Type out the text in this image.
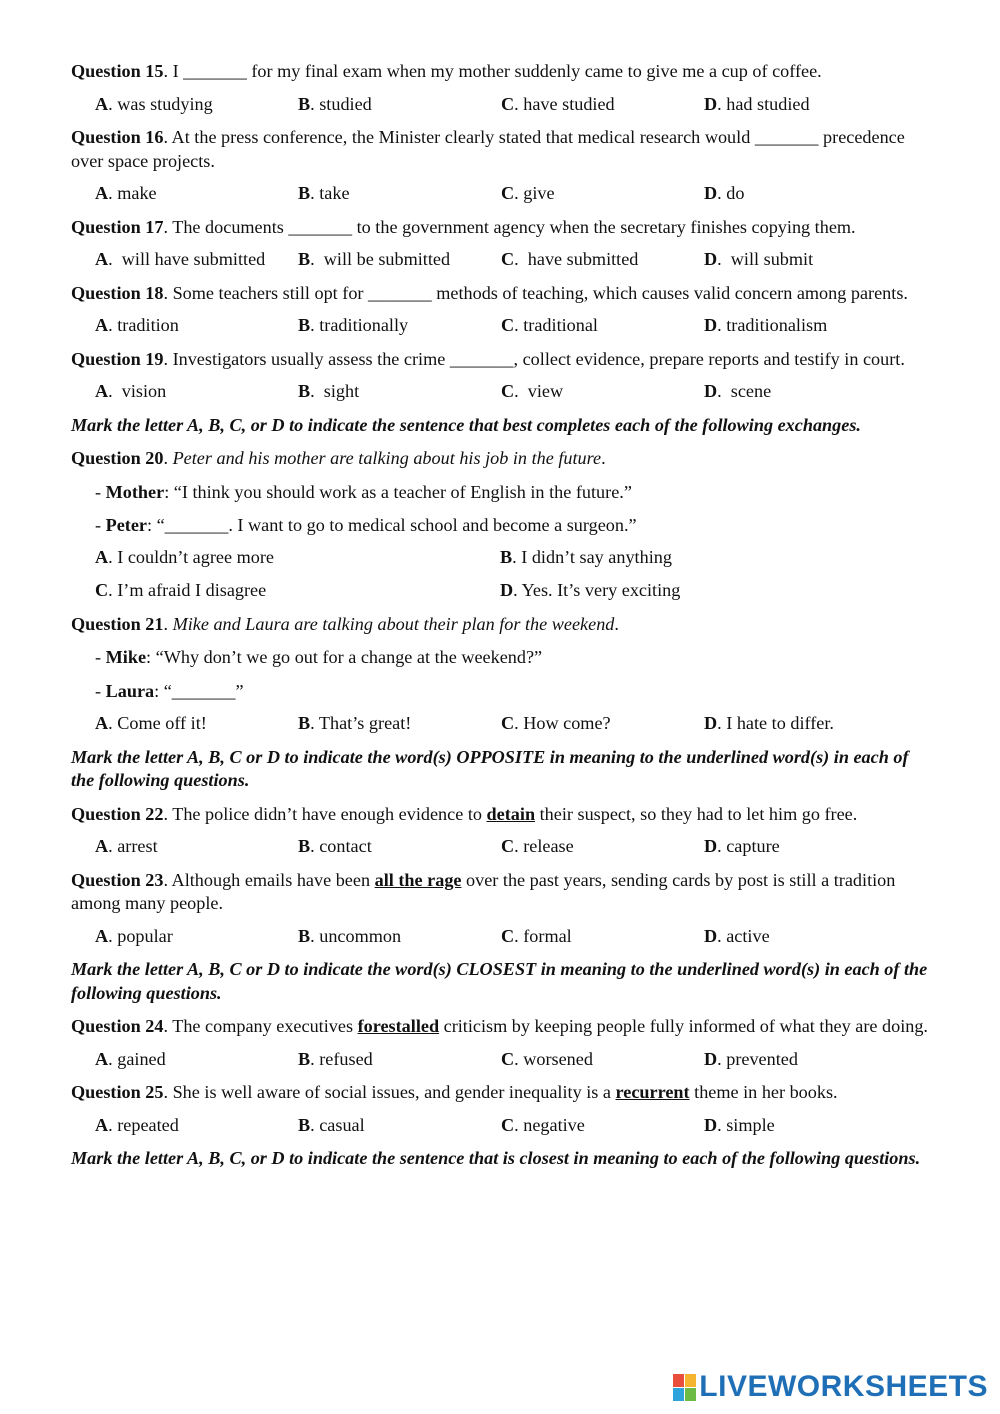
Question 15. I _______ for my final exam when my mother suddenly came to give me a cup of coffee.

A. was studying	B. studied	C. have studied	D. had studied

Question 16. At the press conference, the Minister clearly stated that medical research would _______ precedence over space projects.

A. make	B. take	C. give	D. do

Question 17. The documents _______ to the government agency when the secretary finishes copying them.

A.  will have submitted	B.  will be submitted	C.  have submitted	D.  will submit

Question 18. Some teachers still opt for _______ methods of teaching, which causes valid concern among parents.

A. tradition	B. traditionally	C. traditional	D. traditionalism

Question 19. Investigators usually assess the crime _______, collect evidence, prepare reports and testify in court.

A.  vision	B.  sight	C.  view	D.  scene

Mark the letter A, B, C, or D to indicate the sentence that best completes each of the following exchanges.

Question 20. Peter and his mother are talking about his job in the future.

- Mother: “I think you should work as a teacher of English in the future.”
- Peter: “_______. I want to go to medical school and become a surgeon.”
A. I couldn’t agree more	B. I didn’t say anything
C. I’m afraid I disagree	D. Yes. It’s very exciting

Question 21. Mike and Laura are talking about their plan for the weekend.

- Mike: “Why don’t we go out for a change at the weekend?”
- Laura: “_______”
A. Come off it!	B. That’s great!	C. How come?	D. I hate to differ.

Mark the letter A, B, C or D to indicate the word(s) OPPOSITE in meaning to the underlined word(s) in each of the following questions.

Question 22. The police didn’t have enough evidence to detain their suspect, so they had to let him go free.

A. arrest	B. contact	C. release	D. capture

Question 23. Although emails have been all the rage over the past years, sending cards by post is still a tradition among many people.

A. popular	B. uncommon	C. formal	D. active

Mark the letter A, B, C or D to indicate the word(s) CLOSEST in meaning to the underlined word(s) in each of the following questions.

Question 24. The company executives forestalled criticism by keeping people fully informed of what they are doing.

A. gained	B. refused	C. worsened	D. prevented

Question 25. She is well aware of social issues, and gender inequality is a recurrent theme in her books.

A. repeated	B. casual	C. negative	D. simple

Mark the letter A, B, C, or D to indicate the sentence that is closest in meaning to each of the following questions.

LIVEWORKSHEETS
